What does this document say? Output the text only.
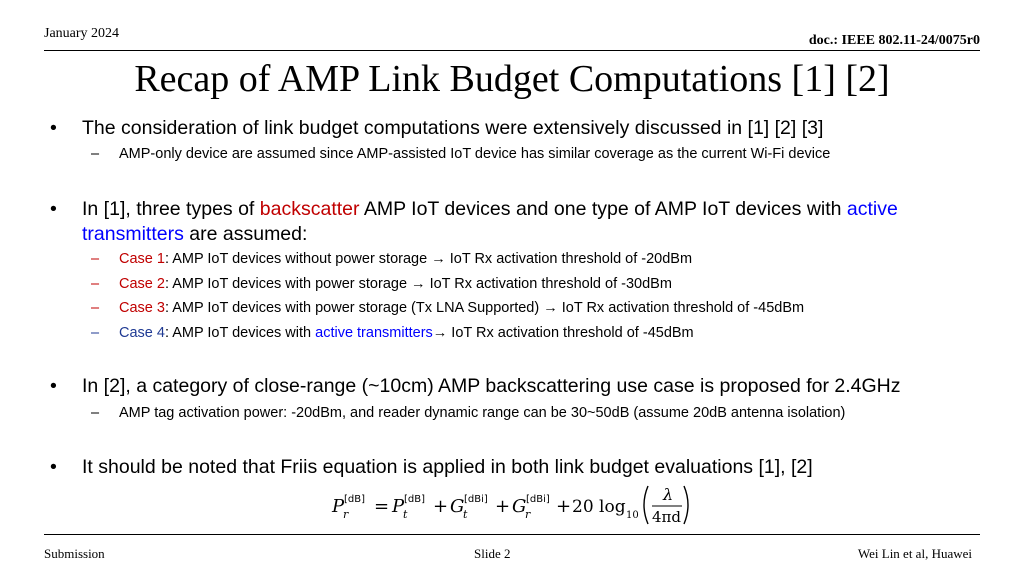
January 2024	doc.: IEEE 802.11-24/0075r0
Recap of AMP Link Budget Computations [1] [2]
• The consideration of link budget computations were extensively discussed in [1] [2] [3]
– AMP-only device are assumed since AMP-assisted IoT device has similar coverage as the current Wi-Fi device
• In [1], three types of backscatter AMP IoT devices and one type of AMP IoT devices with active
transmitters are assumed:
– Case 1: AMP IoT devices without power storage → IoT Rx activation threshold of -20dBm
– Case 2: AMP IoT devices with power storage → IoT Rx activation threshold of -30dBm
– Case 3: AMP IoT devices with power storage (Tx LNA Supported) → IoT Rx activation threshold of -45dBm
– Case 4: AMP IoT devices with active transmitters→ IoT Rx activation threshold of -45dBm
• In [2], a category of close-range (~10cm) AMP backscattering use case is proposed for 2.4GHz
– AMP tag activation power: -20dBm, and reader dynamic range can be 30~50dB (assume 20dB antenna isolation)
• It should be noted that Friis equation is applied in both link budget evaluations [1], [2]
P
r
[dB] = P
t
[dB] + G
t
[dBi] + G
r
[dBi] + 20 log 10
λ
4πd
Submission	Slide 2	Wei Lin et al, Huawei
